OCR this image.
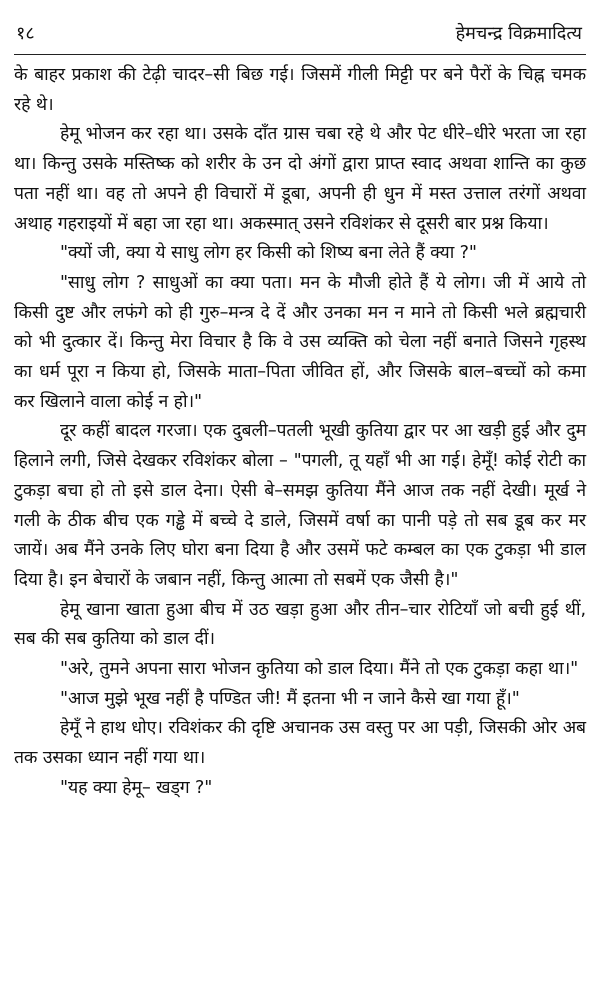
१८	हेमचन्द्र विक्रमादित्य

के बाहर प्रकाश की टेढ़ी चादर–सी बिछ गई। जिसमें गीली मिट्टी पर बने पैरों के चिह्न चमक रहे थे।

हेमू भोजन कर रहा था। उसके दाँत ग्रास चबा रहे थे और पेट धीरे–धीरे भरता जा रहा था। किन्तु उसके मस्तिष्क को शरीर के उन दो अंगों द्वारा प्राप्त स्वाद अथवा शान्ति का कुछ पता नहीं था। वह तो अपने ही विचारों में डूबा, अपनी ही धुन में मस्त उत्ताल तरंगों अथवा अथाह गहराइयों में बहा जा रहा था। अकस्मात् उसने रविशंकर से दूसरी बार प्रश्न किया।

"क्यों जी, क्या ये साधु लोग हर किसी को शिष्य बना लेते हैं क्या ?"

"साधु लोग ? साधुओं का क्या पता। मन के मौजी होते हैं ये लोग। जी में आये तो किसी दुष्ट और लफंगे को ही गुरु–मन्त्र दे दें और उनका मन न माने तो किसी भले ब्रह्मचारी को भी दुत्कार दें। किन्तु मेरा विचार है कि वे उस व्यक्ति को चेला नहीं बनाते जिसने गृहस्थ का धर्म पूरा न किया हो, जिसके माता–पिता जीवित हों, और जिसके बाल–बच्चों को कमा कर खिलाने वाला कोई न हो।"

दूर कहीं बादल गरजा। एक दुबली–पतली भूखी कुतिया द्वार पर आ खड़ी हुई और दुम हिलाने लगी, जिसे देखकर रविशंकर बोला – "पगली, तू यहाँ भी आ गई। हेमूँ! कोई रोटी का टुकड़ा बचा हो तो इसे डाल देना। ऐसी बे–समझ कुतिया मैंने आज तक नहीं देखी। मूर्ख ने गली के ठीक बीच एक गड्ढे में बच्चे दे डाले, जिसमें वर्षा का पानी पड़े तो सब डूब कर मर जायें। अब मैंने उनके लिए घोरा बना दिया है और उसमें फटे कम्बल का एक टुकड़ा भी डाल दिया है। इन बेचारों के जबान नहीं, किन्तु आत्मा तो सबमें एक जैसी है।"

हेमू खाना खाता हुआ बीच में उठ खड़ा हुआ और तीन–चार रोटियाँ जो बची हुई थीं, सब की सब कुतिया को डाल दीं।

"अरे, तुमने अपना सारा भोजन कुतिया को डाल दिया। मैंने तो एक टुकड़ा कहा था।"

"आज मुझे भूख नहीं है पण्डित जी! मैं इतना भी न जाने कैसे खा गया हूँ।"

हेमूँ ने हाथ धोए। रविशंकर की दृष्टि अचानक उस वस्तु पर आ पड़ी, जिसकी ओर अब तक उसका ध्यान नहीं गया था।

"यह क्या हेमू– खड्ग ?"
